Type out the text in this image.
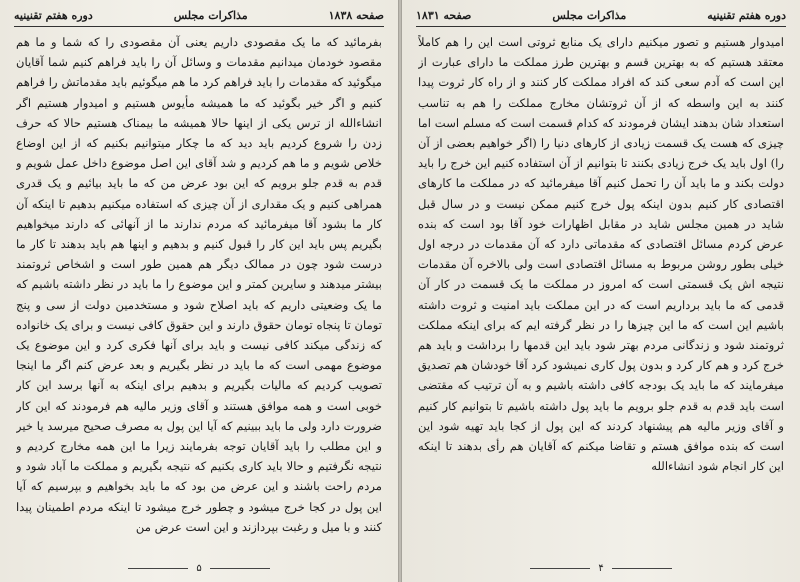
صفحه ۱۸۳۸
مذاکرات مجلس
دوره هفتم تقنینیه

بفرمائید که ما یک مقصودی داریم یعنی آن مقصودی را که شما و ما هم مقصود خودمان میدانیم مقدمات و وسائل آن را باید فراهم کنیم شما آقایان میگوئید که مقدمات را باید فراهم کرد ما هم میگوئیم باید مقدماتش را فراهم کنیم و اگر خیر بگوئید که ما همیشه مأیوس هستیم و امیدوار هستیم اگر انشاءالله از ترس یکی از اینها حالا همیشه ما بیمناک هستیم حالا که حرف زدن را شروع کردیم باید دید که ما چکار میتوانیم بکنیم که از این اوضاع خلاص شویم و ما هم کردیم و شد آقای این اصل موضوع داخل عمل شویم و قدم به قدم جلو برویم که این بود عرض من که ما باید بیائیم و یک قدری همراهی کنیم و یک مقداری از آن چیزی که استفاده میکنیم بدهیم تا اینکه آن کار ما بشود آقا میفرمائید که مردم ندارند ما از آنهائی که دارند میخواهیم بگیریم پس باید این کار را قبول کنیم و بدهیم و اینها هم باید بدهند تا کار ما درست شود چون در ممالک دیگر هم همین طور است و اشخاص ثروتمند بیشتر میدهند و سایرین کمتر و این موضوع را ما باید در نظر داشته باشیم که ما یک وضعیتی داریم که باید اصلاح شود و مستخدمین دولت از سی و پنج تومان تا پنجاه تومان حقوق دارند و این حقوق کافی نیست و برای یک خانواده که زندگی میکند کافی نیست و باید برای آنها فکری کرد و این موضوع یک موضوع مهمی است که ما باید در نظر بگیریم و بعد عرض کنم اگر ما اینجا تصویب کردیم که مالیات بگیریم و بدهیم برای اینکه به آنها برسد این کار خوبی است و همه موافق هستند و آقای وزیر مالیه هم فرمودند که این کار ضرورت دارد ولی ما باید ببینیم که آیا این پول به مصرف صحیح میرسد یا خیر و این مطلب را باید آقایان توجه بفرمایند زیرا ما این همه مخارج کردیم و نتیجه نگرفتیم و حالا باید کاری بکنیم که نتیجه بگیریم و مملکت ما آباد شود و مردم راحت باشند و این عرض من بود که ما باید بخواهیم و بپرسیم که آیا این پول در کجا خرج میشود و چطور خرج میشود تا اینکه مردم اطمینان پیدا کنند و با میل و رغبت بپردازند و این است عرض من

۵
دوره هفتم تقنینیه
مذاکرات مجلس
صفحه ۱۸۳۱

امیدوار هستیم و تصور میکنیم دارای یک منابع ثروتی است این را هم کاملاً معتقد هستیم که به بهترین قسم و بهترین طرز مملکت ما دارای عبارت از این است که آدم سعی کند که افراد مملکت کار کنند و از راه کار ثروت پیدا کنند به این واسطه که از آن ثروتشان مخارج مملکت را هم به تناسب استعداد شان بدهند ایشان فرمودند که کدام قسمت است که مسلم است اما چیزی که هست یک قسمت زیادی از کارهای دنیا را (اگر خواهیم بعضی از آن را) اول باید یک خرج زیادی بکنند تا بتوانیم از آن استفاده کنیم این خرج را باید دولت بکند و ما باید آن را تحمل کنیم آقا میفرمائید که در مملکت ما کارهای اقتصادی کار کنیم بدون اینکه پول خرج کنیم ممکن نیست و در سال قبل شاید در همین مجلس شاید در مقابل اظهارات خود آقا بود است که بنده عرض کردم مسائل اقتصادی که مقدماتی دارد که آن مقدمات در درجه اول خیلی بطور روشن مربوط به مسائل اقتصادی است ولی بالاخره آن مقدمات نتیجه اش یک قسمتی است که امروز در مملکت ما یک قسمت در کار آن قدمی که ما باید برداریم است که در این مملکت باید امنیت و ثروت داشته باشیم این است که ما این چیزها را در نظر گرفته ایم که برای اینکه مملکت ثروتمند شود و زندگانی مردم بهتر شود باید این قدمها را برداشت و باید هم خرج کرد و هم کار کرد و بدون پول کاری نمیشود کرد آقا خودشان هم تصدیق میفرمایند که ما باید یک بودجه کافی داشته باشیم و به آن ترتیب که مقتضی است باید قدم به قدم جلو برویم ما باید پول داشته باشیم تا بتوانیم کار کنیم و آقای وزیر مالیه هم پیشنهاد کردند که این پول از کجا باید تهیه شود این است که بنده موافق هستم و تقاضا میکنم که آقایان هم رأی بدهند تا اینکه این کار انجام شود انشاءالله

۴
